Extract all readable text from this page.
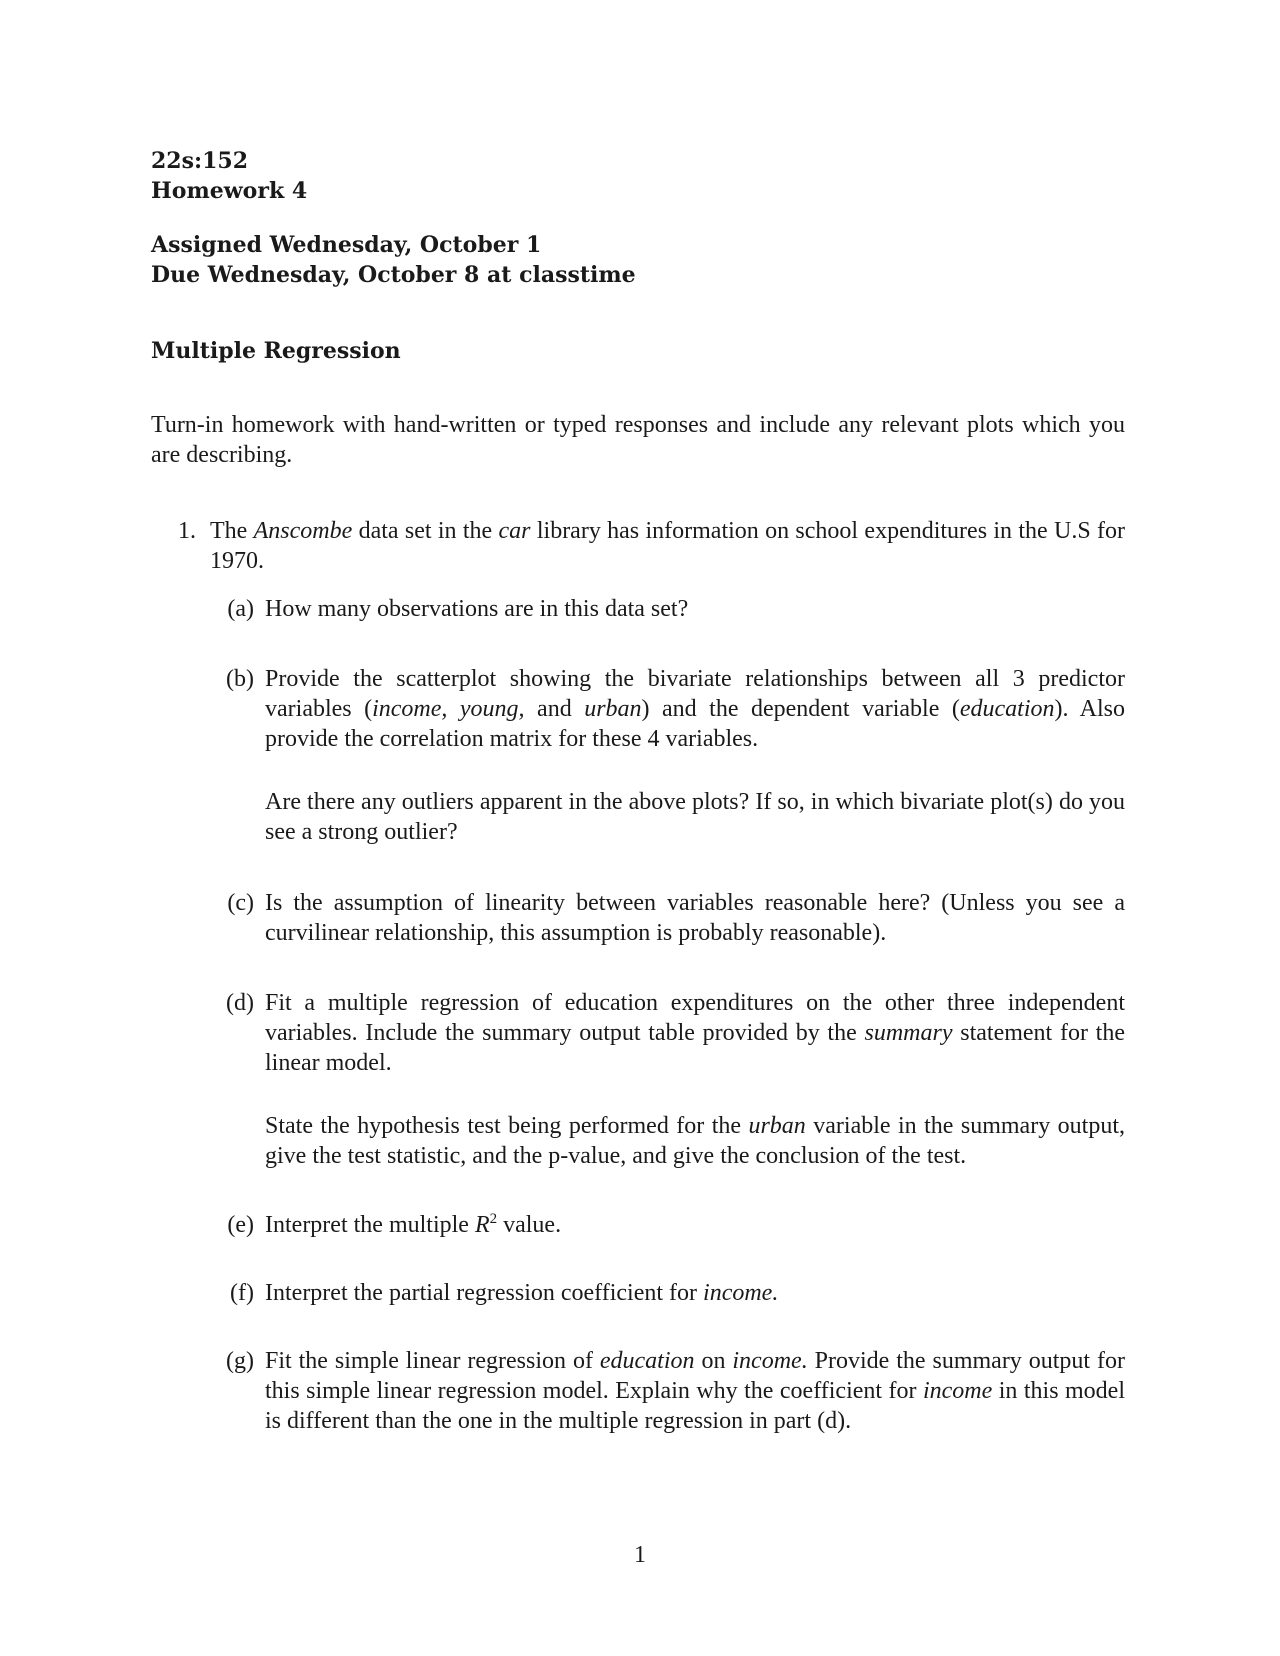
22s:152
Homework 4
Assigned Wednesday, October 1
Due Wednesday, October 8 at classtime
Multiple Regression
Turn-in homework with hand-written or typed responses and include any relevant plots which you are describing.
1. The Anscombe data set in the car library has information on school expenditures in the U.S for 1970.
(a) How many observations are in this data set?

(b) Provide the scatterplot showing the bivariate relationships between all 3 predictor variables (income, young, and urban) and the dependent variable (education). Also provide the correlation matrix for these 4 variables.

Are there any outliers apparent in the above plots? If so, in which bivariate plot(s) do you see a strong outlier?

(c) Is the assumption of linearity between variables reasonable here? (Unless you see a curvilinear relationship, this assumption is probably reasonable).

(d) Fit a multiple regression of education expenditures on the other three independent variables. Include the summary output table provided by the summary statement for the linear model.

State the hypothesis test being performed for the urban variable in the summary output, give the test statistic, and the p-value, and give the conclusion of the test.

(e) Interpret the multiple $R^2$ value.

(f) Interpret the partial regression coefficient for income.

(g) Fit the simple linear regression of education on income. Provide the summary output for this simple linear regression model. Explain why the coefficient for income in this model is different than the one in the multiple regression in part (d).

1
